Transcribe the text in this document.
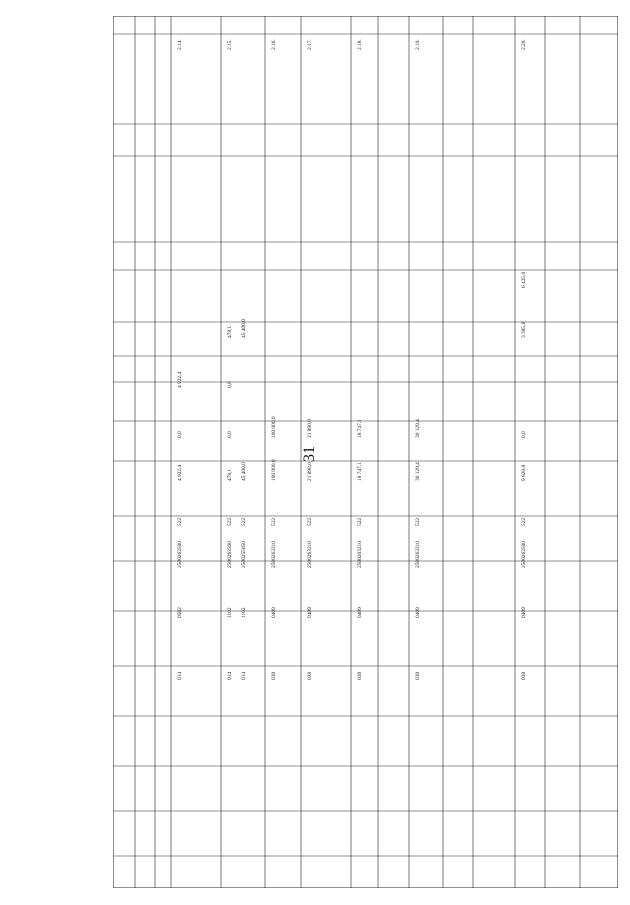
31
2.14.
014
0502
2500263500
522
4 922,4
0,0
4 922,4
2.15.
014
1102
2500263500
522
478,1
0,0
0,0
478,1
014
1102
2500255050
522
45 400,0
45 400,0
2.16.
038
0409
2500263210
522
100 000,0
100 000,0
2.17.
038
0409
2500263210
522
21 890,0
21 890,0
2.18.
038
0409
2500263210
522
18 747,1
18 747,1
2.19.
038
0409
2500263210
522
30 129,4
30 129,4
2.20.
038
0409
2500263500
522
9 820,8
0,0
3 385,8
6 435,0
